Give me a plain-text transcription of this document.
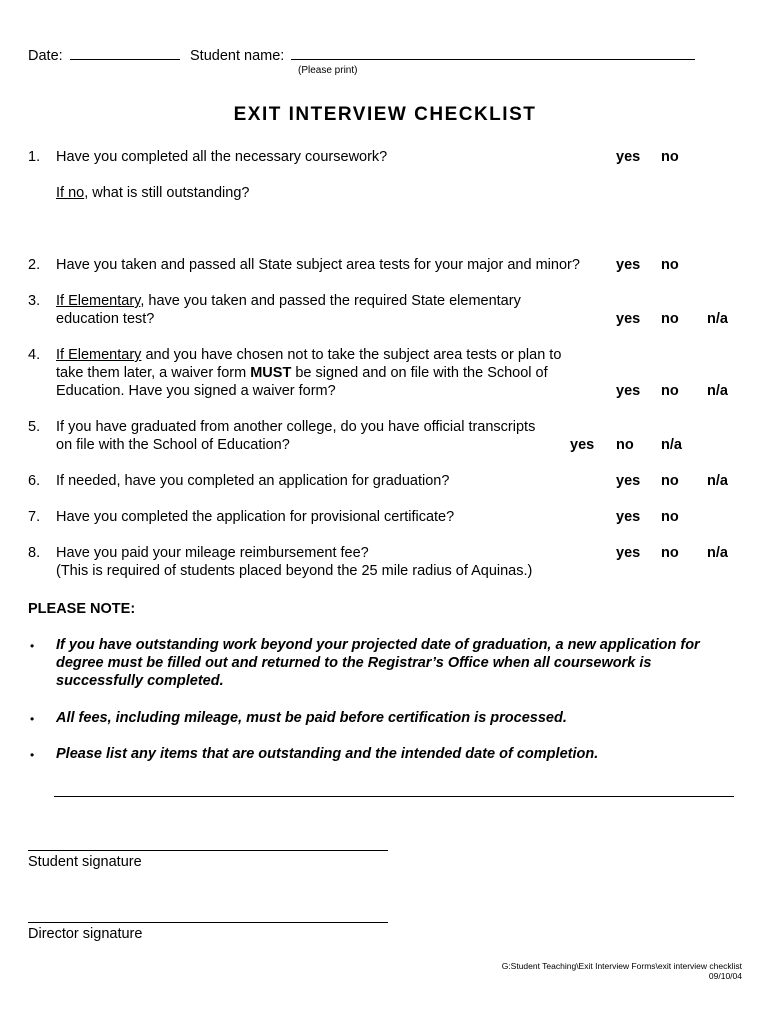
Date:	Student name:
(Please print)
EXIT INTERVIEW CHECKLIST
1. Have you completed all the necessary coursework?	yes no
If no, what is still outstanding?
2. Have you taken and passed all State subject area tests for your major and minor? yes no
3. If Elementary, have you taken and passed the required State elementary
education test?	yes no n/a
4. If Elementary and you have chosen not to take the subject area tests or plan to
take them later, a waiver form MUST be signed and on file with the School of
Education. Have you signed a waiver form?	yes no n/a
5. If you have graduated from another college, do you have official transcripts
on file with the School of Education?	yes no n/a
6. If needed, have you completed an application for graduation?	yes no n/a
7. Have you completed the application for provisional certificate?	yes no
8. Have you paid your mileage reimbursement fee?
(This is required of students placed beyond the 25 mile radius of Aquinas.)
yes no n/a
PLEASE NOTE:
• If you have outstanding work beyond your projected date of graduation, a new application for
degree must be filled out and returned to the Registrar’s Office when all coursework is
successfully completed.
• All fees, including mileage, must be paid before certification is processed.
• Please list any items that are outstanding and the intended date of completion.
Student signature
Director signature
G:Student Teaching\Exit Interview Forms\exit interview checklist
09/10/04
